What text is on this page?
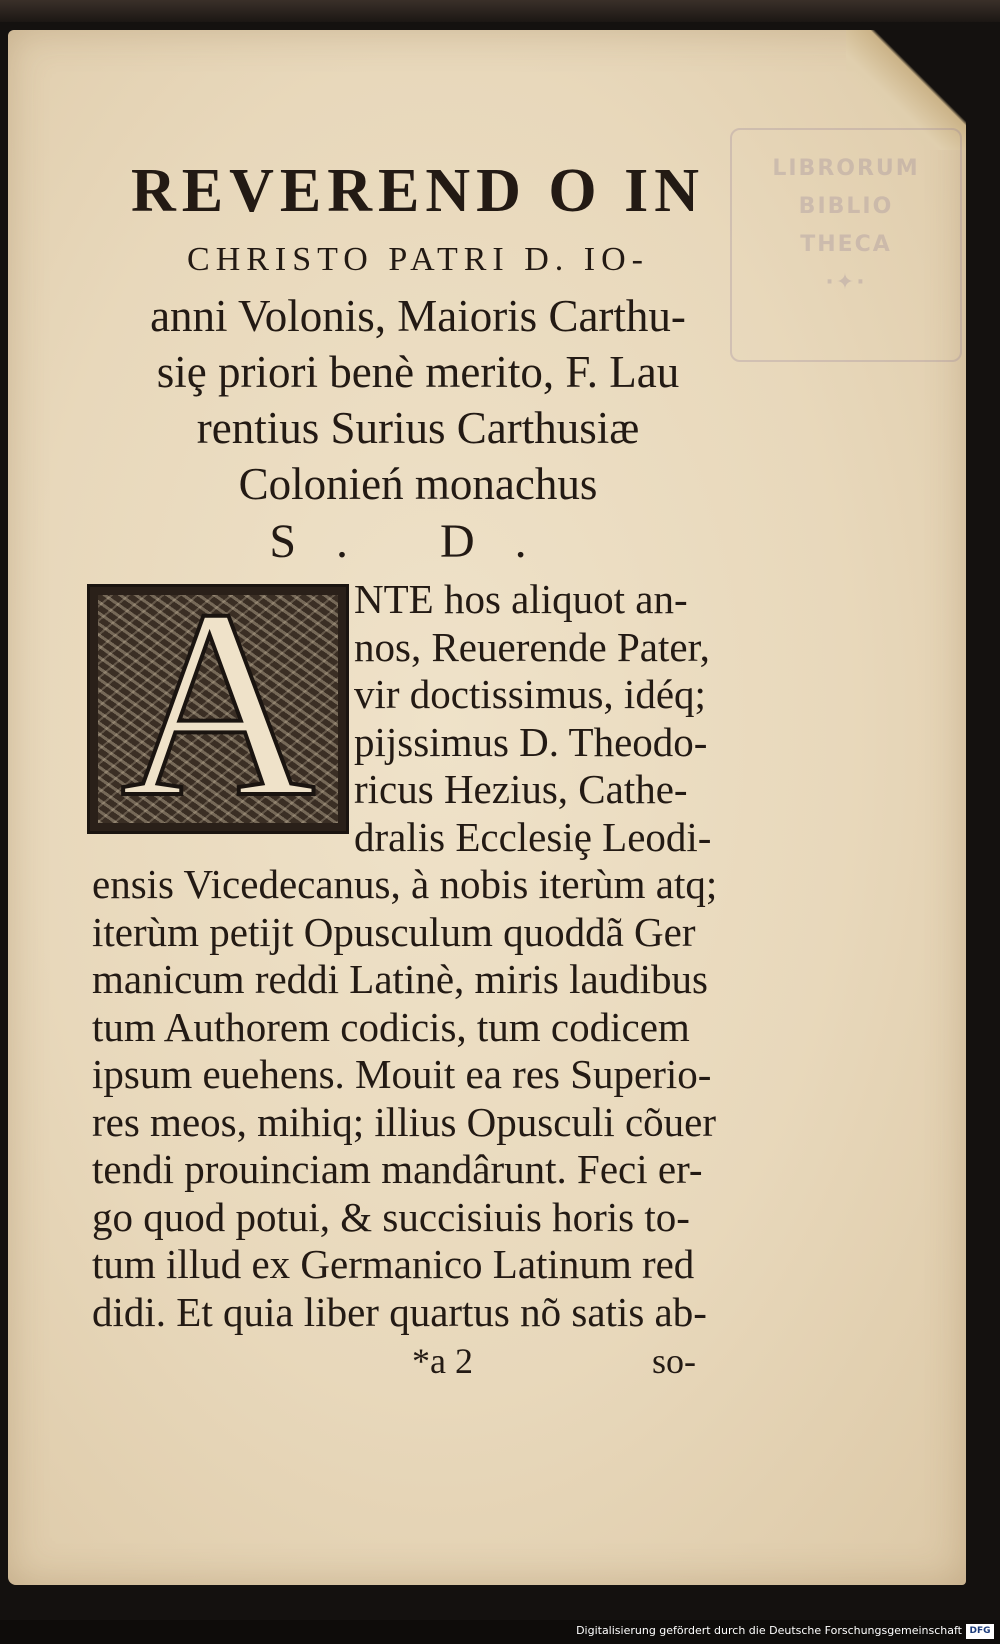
LIBRORUM
BIBLIO
THECA
·✦·

REVEREND O IN

CHRISTO PATRI D. IO-

anni Volonis, Maioris Carthu-

siȩ priori benè merito, F. Lau

rentius Surius Carthusiæ

Colonień monachus

S. D.

A NTE hos aliquot an-

nos, Reuerende Pater,

vir doctissimus, idéq;

pijssimus D. Theodo-

ricus Hezius, Cathe-

dralis Ecclesiȩ Leodi-

ensis Vicedecanus, à nobis iterùm atq;

iterùm petijt Opusculum quoddã Ger

manicum reddi Latinè, miris laudibus

tum Authorem codicis, tum codicem

ipsum euehens. Mouit ea res Superio-

res meos, mihiq; illius Opusculi cõuer

tendi prouinciam mandârunt. Feci er-

go quod potui, & succisiuis horis to-

tum illud ex Germanico Latinum red

didi. Et quia liber quartus nõ satis ab-

*a 2	so-
Digitalisierung gefördert durch die Deutsche Forschungsgemeinschaft DFG
